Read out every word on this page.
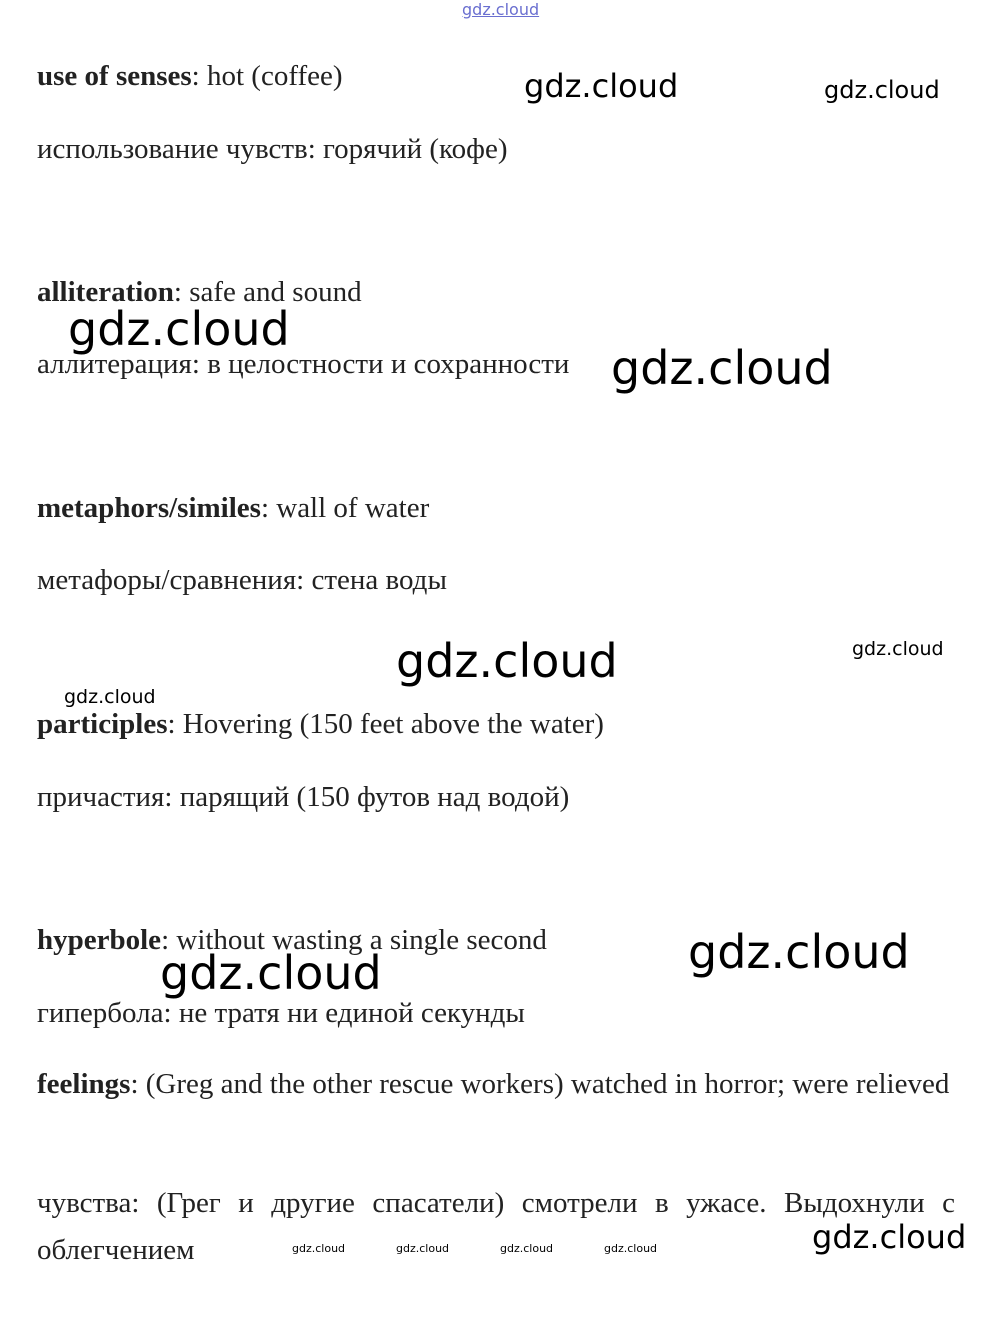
use of senses: hot (coffee)

использование чувств: горячий (кофе)

alliteration: safe and sound

аллитерация: в целостности и сохранности

metaphors/similes: wall of water

метафоры/сравнения: стена воды

participles: Hovering (150 feet above the water)

причастия: парящий (150 футов над водой)

hyperbole: without wasting a single second

гипербола: не тратя ни единой секунды

feelings: (Greg and the other rescue workers) watched in horror; were relieved

чувства: (Грег и другие спасатели) смотрели в ужасе. Выдохнули с облегчением

gdz.cloud
gdz.cloud	gdz.cloud
gdz.cloud
gdz.cloud
gdz.cloud	gdz.cloud
gdz.cloud
gdz.cloud
gdz.cloud
gdz.cloud
gdz.cloud	gdz.cloud	gdz.cloud	gdz.cloud
